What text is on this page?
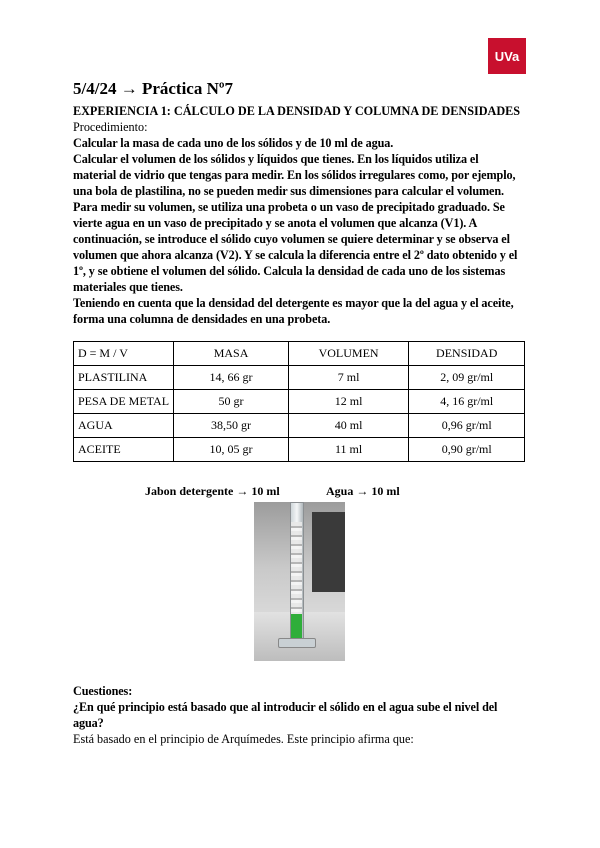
UVa
5/4/24 → Práctica Nº7

EXPERIENCIA 1: CÁLCULO DE LA DENSIDAD Y COLUMNA DE DENSIDADES

Procedimiento:

Calcular la masa de cada uno de los sólidos y de 10 ml de agua.

Calcular el volumen de los sólidos y líquidos que tienes. En los líquidos utiliza el

material de vidrio que tengas para medir. En los sólidos irregulares como, por ejemplo,

una bola de plastilina, no se pueden medir sus dimensiones para calcular el volumen.

Para medir su volumen, se utiliza una probeta o un vaso de precipitado graduado. Se

vierte agua en un vaso de precipitado y se anota el volumen que alcanza (V1). A

continuación, se introduce el sólido cuyo volumen se quiere determinar y se observa el

volumen que ahora alcanza (V2). Y se calcula la diferencia entre el 2º dato obtenido y el

1º, y se obtiene el volumen del sólido. Calcula la densidad de cada uno de los sistemas

materiales que tienes.

Teniendo en cuenta que la densidad del detergente es mayor que la del agua y el aceite,

forma una columna de densidades en una probeta.

D = M / V	MASA	VOLUMEN	DENSIDAD
PLASTILINA	14, 66 gr	7 ml	2, 09 gr/ml
PESA DE METAL	50 gr	12 ml	4, 16 gr/ml
AGUA	38,50 gr	40 ml	0,96 gr/ml
ACEITE	10, 05 gr	11 ml	0,90 gr/ml
Jabon detergente → 10 ml	Agua → 10 ml

Cuestiones:

¿En qué principio está basado que al introducir el sólido en el agua sube el nivel del

agua?

Está basado en el principio de Arquímedes. Este principio afirma que:
